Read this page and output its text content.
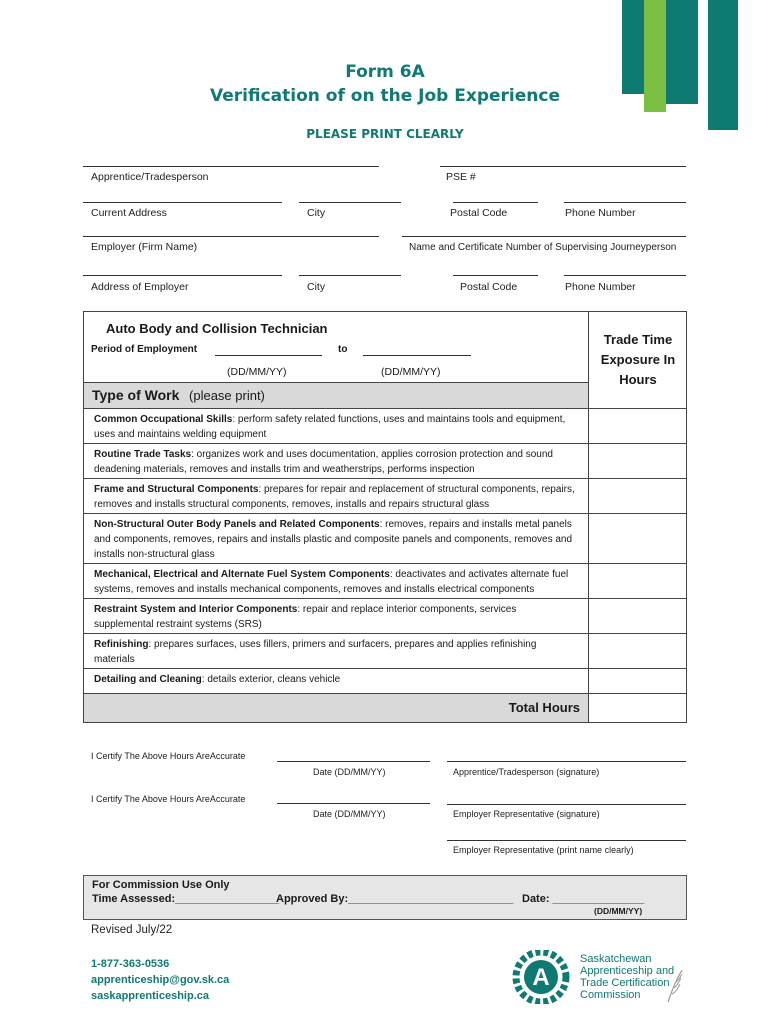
Form 6A
Verification of on the Job Experience
PLEASE PRINT CLEARLY
Apprentice/Tradesperson	PSE #
Current Address	City	Postal Code	Phone Number
Employer (Firm Name)	Name and Certificate Number of Supervising Journeyperson
Address of Employer	City	Postal Code	Phone Number
Auto Body and Collision Technician
Period of Employment	to
(DD/MM/YY)	(DD/MM/YY)
Trade Time Exposure In Hours
Type of Work (please print)
Common Occupational Skills: perform safety related functions, uses and maintains tools and equipment, uses and maintains welding equipment
Routine Trade Tasks: organizes work and uses documentation, applies corrosion protection and sound deadening materials, removes and installs trim and weatherstrips, performs inspection
Frame and Structural Components: prepares for repair and replacement of structural components, repairs, removes and installs structural components, removes, installs and repairs structural glass
Non-Structural Outer Body Panels and Related Components: removes, repairs and installs metal panels and components, removes, repairs and installs plastic and composite panels and components, removes and installs non-structural glass
Mechanical, Electrical and Alternate Fuel System Components: deactivates and activates alternate fuel systems, removes and installs mechanical components, removes and installs electrical components
Restraint System and Interior Components: repair and replace interior components, services supplemental restraint systems (SRS)
Refinishing: prepares surfaces, uses fillers, primers and surfacers, prepares and applies refinishing materials
Detailing and Cleaning: details exterior, cleans vehicle
Total Hours
I Certify The Above Hours AreAccurate
Date (DD/MM/YY)	Apprentice/Tradesperson (signature)
I Certify The Above Hours AreAccurate
Date (DD/MM/YY)	Employer Representative (signature)
Employer Representative (print name clearly)
For Commission Use Only
Time Assessed:_________________
Approved By:___________________________ Date: _______________
(DD/MM/YY)
Revised July/22
1-877-363-0536
apprenticeship@gov.sk.ca
saskapprenticeship.ca
A
Saskatchewan
Apprenticeship and
Trade Certification
Commission
